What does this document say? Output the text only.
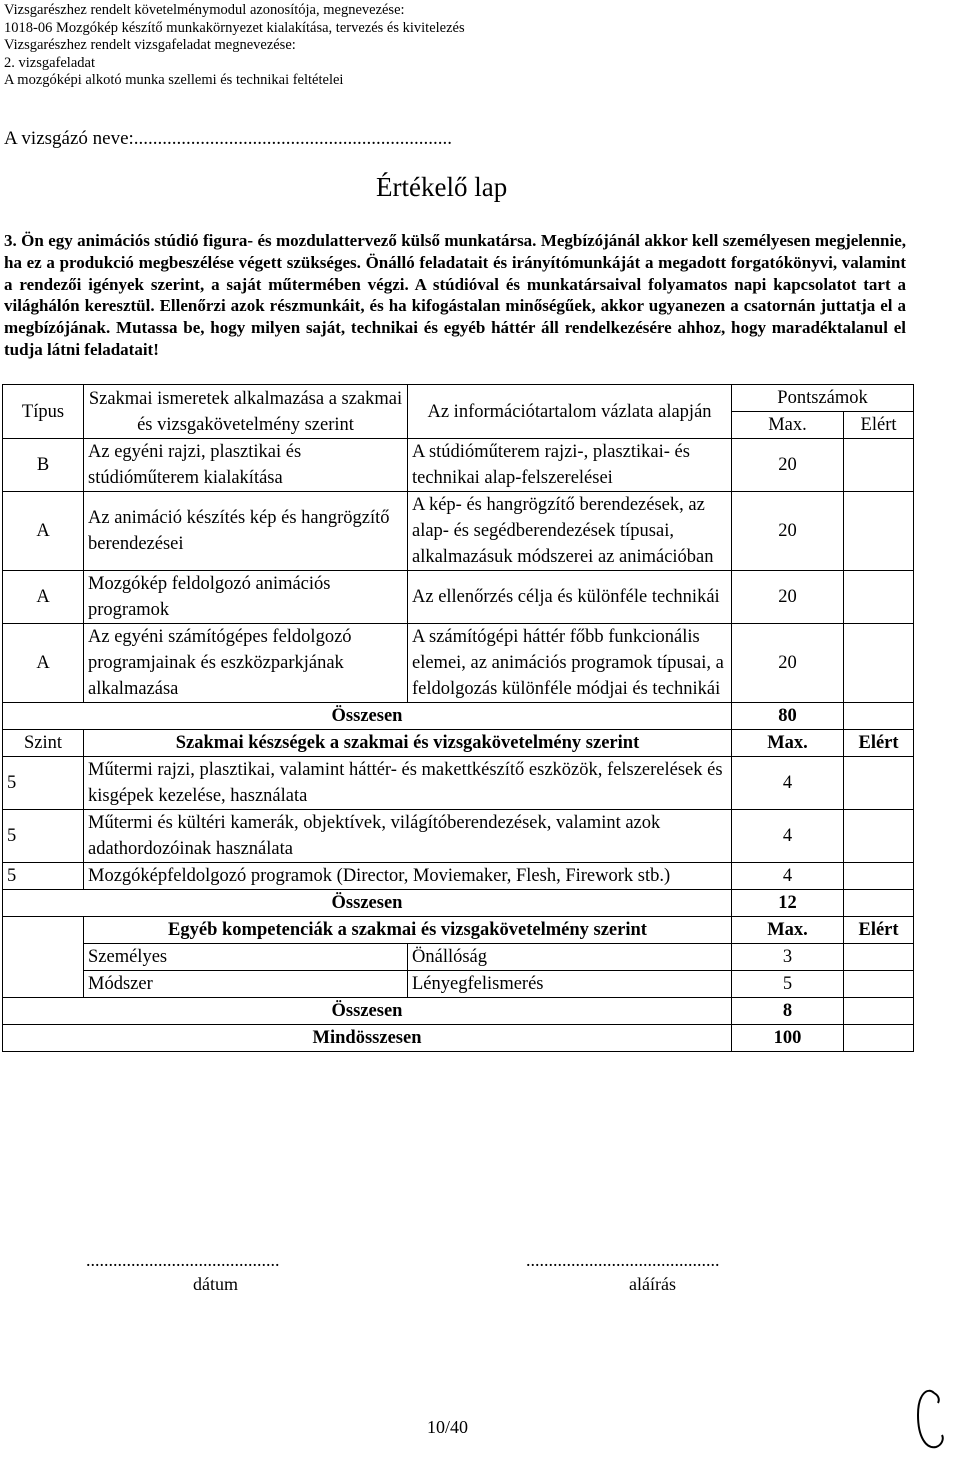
Vizsgarészhez rendelt követelménymodul azonosítója, megnevezése:
1018-06 Mozgókép készítő munkakörnyezet kialakítása, tervezés és kivitelezés
Vizsgarészhez rendelt vizsgafeladat megnevezése:
2. vizsgafeladat
A mozgóképi alkotó munka szellemi és technikai feltételei
A vizsgázó neve:...................................................................
Értékelő lap
3. Ön egy animációs stúdió figura- és mozdulattervező külső munkatársa. Megbízójánál akkor kell személyesen megjelennie, ha ez a produkció megbeszélése végett szükséges. Önálló feladatait és irányítómunkáját a megadott forgatókönyvi, valamint a rendezői igények szerint, a saját műtermében végzi. A stúdióval és munkatársaival folyamatos napi kapcsolatot tart a világhálón keresztül. Ellenőrzi azok részmunkáit, és ha kifogástalan minőségűek, akkor ugyanezen a csatornán juttatja el a megbízójának. Mutassa be, hogy milyen saját, technikai és egyéb háttér áll rendelkezésére ahhoz, hogy maradéktalanul el tudja látni feladatait!
Típus	Szakmai ismeretek alkalmazása a szakmai és vizsgakövetelmény szerint	Az információtartalom vázlata alapján	Pontszámok	
			Max.	Elért
B	Az egyéni rajzi, plasztikai és stúdióműterem kialakítása	A stúdióműterem rajzi-, plasztikai- és technikai alap-felszerelései	20	
A	Az animáció készítés kép és hangrögzítő berendezései	A kép- és hangrögzítő berendezések, az alap- és segédberendezések típusai, alkalmazásuk módszerei az animációban	20	
A	Mozgókép feldolgozó animációs programok	Az ellenőrzés célja és különféle technikái	20	
A	Az egyéni számítógépes feldolgozó programjainak és eszközparkjának alkalmazása	A számítógépi háttér főbb funkcionális elemei, az animációs programok típusai, a feldolgozás különféle módjai és technikái	20	
Összesen			80	
Szint	Szakmai készségek a szakmai és vizsgakövetelmény szerint		Max.	Elért
5	Műtermi rajzi, plasztikai, valamint háttér- és makettkészítő eszközök, felszerelések és kisgépek kezelése, használata		4	
5	Műtermi és kültéri kamerák, objektívek, világítóberendezések, valamint azok adathordozóinak használata		4	
5	Mozgóképfeldolgozó programok (Director, Moviemaker, Flesh, Firework stb.)		4	
Összesen			12	
	Egyéb kompetenciák a szakmai és vizsgakövetelmény szerint		Max.	Elért
	Személyes	Önállóság	3	
	Módszer	Lényegfelismerés	5	
Összesen			8	
Mindösszesen			100	
...........................................
dátum
...........................................
aláírás
10/40
